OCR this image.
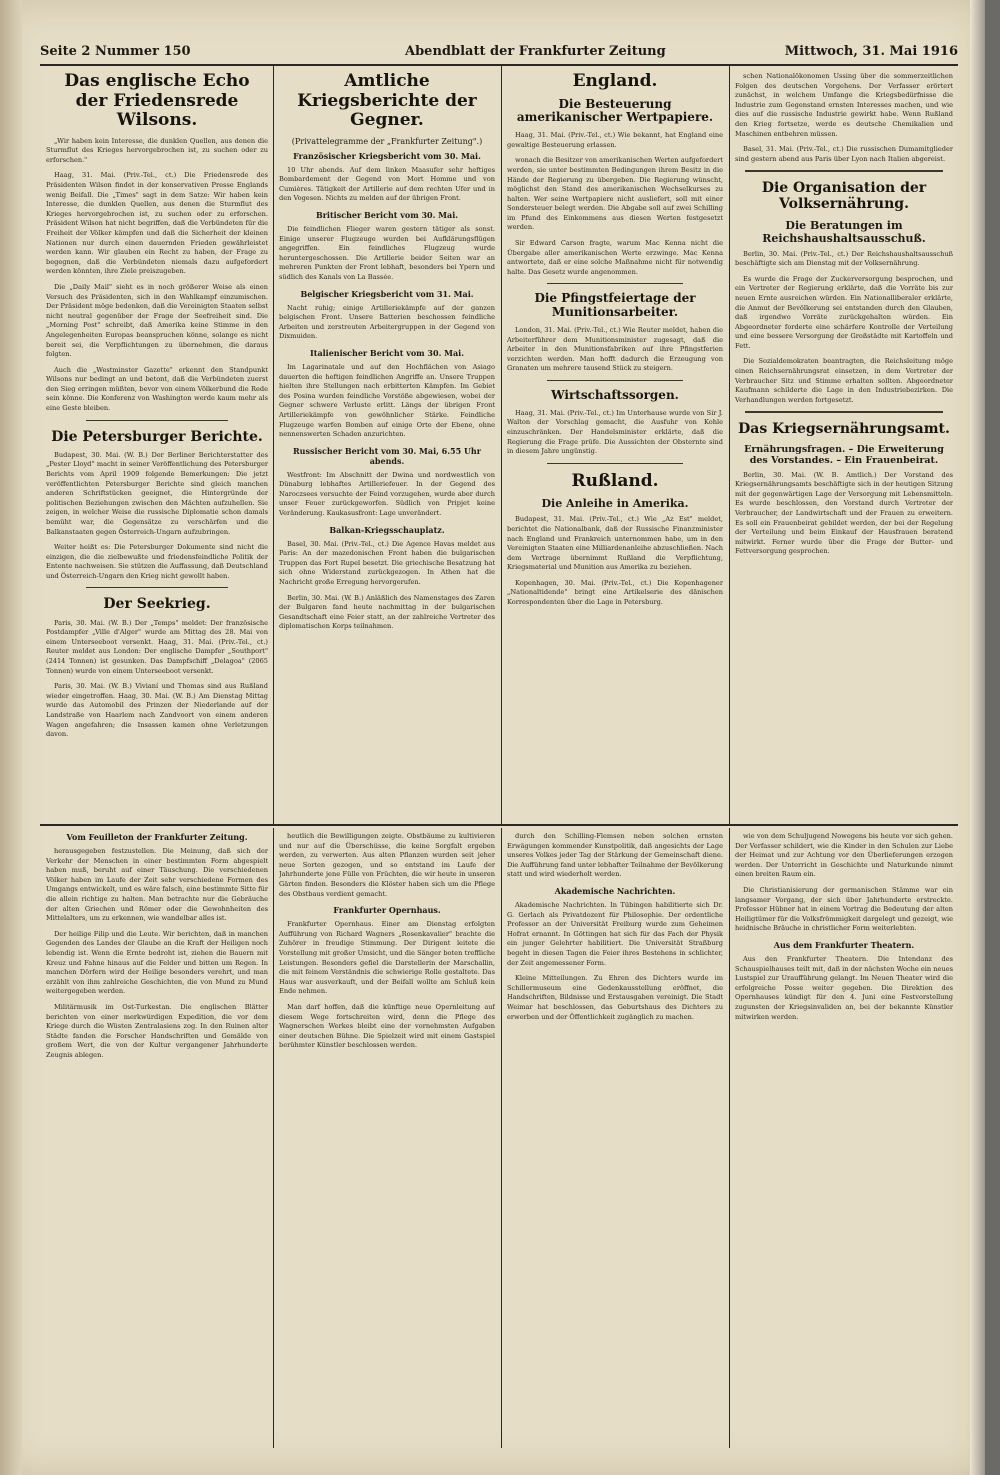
Seite 2 Nummer 150	Abendblatt der Frankfurter Zeitung	Mittwoch, 31. Mai 1916
Das englische Echo der Friedensrede Wilsons.

„Wir haben kein Interesse, die dunklen Quellen, aus denen die Sturmflut des Krieges hervorgebrochen ist, zu suchen oder zu erforschen."

Haag, 31. Mai. (Priv.-Tel., ct.) Die Friedensrede des Präsidenten Wilson findet in der konservativen Presse Englands wenig Beifall. Die „Times" sagt in dem Satze: Wir haben kein Interesse, die dunklen Quellen, aus denen die Sturmflut des Krieges hervorgebrochen ist, zu suchen oder zu erforschen. Präsident Wilson hat nicht begriffen, daß die Verbündeten für die Freiheit der Völker kämpfen und daß die Sicherheit der kleinen Nationen nur durch einen dauernden Frieden gewährleistet werden kann. Wir glauben ein Recht zu haben, der Frage zu begegnen, daß die Verbündeten niemals dazu aufgefordert werden könnten, ihre Ziele preiszugeben.

Die „Daily Mail" sieht es in noch größerer Weise als einen Versuch des Präsidenten, sich in den Wahlkampf einzumischen. Der Präsident möge bedenken, daß die Vereinigten Staaten selbst nicht neutral gegenüber der Frage der Seefreiheit sind. Die „Morning Post" schreibt, daß Amerika keine Stimme in den Angelegenheiten Europas beanspruchen könne, solange es nicht bereit sei, die Verpflichtungen zu übernehmen, die daraus folgten.

Auch die „Westminster Gazette" erkennt den Standpunkt Wilsons nur bedingt an und betont, daß die Verbündeten zuerst den Sieg erringen müßten, bevor von einem Völkerbund die Rede sein könne. Die Konferenz von Washington werde kaum mehr als eine Geste bleiben.

Die Petersburger Berichte.

Budapest, 30. Mai. (W. B.) Der Berliner Berichterstatter des „Pester Lloyd" macht in seiner Veröffentlichung des Petersburger Berichts vom April 1909 folgende Bemerkungen: Die jetzt veröffentlichten Petersburger Berichte sind gleich manchen anderen Schriftstücken geeignet, die Hintergründe der politischen Beziehungen zwischen den Mächten aufzuhellen. Sie zeigen, in welcher Weise die russische Diplomatie schon damals bemüht war, die Gegensätze zu verschärfen und die Balkanstaaten gegen Österreich-Ungarn aufzubringen.

Weiter heißt es: Die Petersburger Dokumente sind nicht die einzigen, die die zielbewußte und friedensfeindliche Politik der Entente nachweisen. Sie stützen die Auffassung, daß Deutschland und Österreich-Ungarn den Krieg nicht gewollt haben.

Der Seekrieg.

Paris, 30. Mai. (W. B.) Der „Temps" meldet: Der französische Postdampfer „Ville d'Alger" wurde am Mittag des 28. Mai von einem Unterseeboot versenkt. Haag, 31. Mai. (Priv.-Tel., ct.) Reuter meldet aus London: Der englische Dampfer „Southport" (2414 Tonnen) ist gesunken. Das Dampfschiff „Delagoa" (2065 Tonnen) wurde von einem Unterseeboot versenkt.

Paris, 30. Mai. (W. B.) Vivianí und Thomas sind aus Rußland wieder eingetroffen. Haag, 30. Mai. (W. B.) Am Dienstag Mittag wurde das Automobil des Prinzen der Niederlande auf der Landstraße von Haarlem nach Zandvoort von einem anderen Wagen angefahren; die Insassen kamen ohne Verletzungen davon.

Amtliche Kriegsberichte der Gegner.
(Privattelegramme der „Frankfurter Zeitung".)
Französischer Kriegsbericht vom 30. Mai.

10 Uhr abends. Auf dem linken Maasufer sehr heftiges Bombardement der Gegend von Mort Homme und von Cumières. Tätigkeit der Artillerie auf dem rechten Ufer und in den Vogesen. Nichts zu melden auf der übrigen Front.

Britischer Bericht vom 30. Mai.

Die feindlichen Flieger waren gestern tätiger als sonst. Einige unserer Flugzeuge wurden bei Aufklärungsflügen angegriffen. Ein feindliches Flugzeug wurde heruntergeschossen. Die Artillerie beider Seiten war an mehreren Punkten der Front lebhaft, besonders bei Ypern und südlich des Kanals von La Bassée.

Belgischer Kriegsbericht vom 31. Mai.

Nacht ruhig; einige Artilleriekämpfe auf der ganzen belgischen Front. Unsere Batterien beschossen feindliche Arbeiten und zerstreuten Arbeitergruppen in der Gegend von Dixmuiden.

Italienischer Bericht vom 30. Mai.

Im Lagarinatale und auf den Hochflächen von Asiago dauerten die heftigen feindlichen Angriffe an. Unsere Truppen hielten ihre Stellungen nach erbitterten Kämpfen. Im Gebiet des Posina wurden feindliche Vorstöße abgewiesen, wobei der Gegner schwere Verluste erlitt. Längs der übrigen Front Artilleriekämpfe von gewöhnlicher Stärke. Feindliche Flugzeuge warfen Bomben auf einige Orte der Ebene, ohne nennenswerten Schaden anzurichten.

Russischer Bericht vom 30. Mai, 6.55 Uhr abends.

Westfront: Im Abschnitt der Dwina und nordwestlich von Dünaburg lebhaftes Artilleriefeuer. In der Gegend des Naroczsees versuchte der Feind vorzugehen, wurde aber durch unser Feuer zurückgeworfen. Südlich von Pripjet keine Veränderung. Kaukasusfront: Lage unverändert.

Balkan-Kriegsschauplatz.

Basel, 30. Mai. (Priv.-Tel., ct.) Die Agence Havas meldet aus Paris: An der mazedonischen Front haben die bulgarischen Truppen das Fort Rupel besetzt. Die griechische Besatzung hat sich ohne Widerstand zurückgezogen. In Athen hat die Nachricht große Erregung hervorgerufen.

Berlin, 30. Mai. (W. B.) Anläßlich des Namenstages des Zaren der Bulgaren fand heute nachmittag in der bulgarischen Gesandtschaft eine Feier statt, an der zahlreiche Vertreter des diplomatischen Korps teilnahmen.

England.
Die Besteuerung amerikanischer Wertpapiere.

Haag, 31. Mai. (Priv.-Tel., ct.) Wie bekannt, hat England eine gewaltige Besteuerung erlassen.

wonach die Besitzer von amerikanischen Werten aufgefordert werden, sie unter bestimmten Bedingungen ihrem Besitz in die Hände der Regierung zu übergeben. Die Regierung wünscht, möglichst den Stand des amerikanischen Wechselkurses zu halten. Wer seine Wertpapiere nicht ausliefert, soll mit einer Sondersteuer belegt werden. Die Abgabe soll auf zwei Schilling im Pfund des Einkommens aus diesen Werten festgesetzt werden.

Sir Edward Carson fragte, warum Mac Kenna nicht die Übergabe aller amerikanischen Werte erzwinge. Mac Kenna antwortete, daß er eine solche Maßnahme nicht für notwendig halte. Das Gesetz wurde angenommen.

Die Pfingstfeiertage der Munitionsarbeiter.

London, 31. Mai. (Priv.-Tel., ct.) Wie Reuter meldet, haben die Arbeiterführer dem Munitionsminister zugesagt, daß die Arbeiter in den Munitionsfabriken auf ihre Pfingstferien verzichten werden. Man hofft dadurch die Erzeugung von Granaten um mehrere tausend Stück zu steigern.

Wirtschaftssorgen.

Haag, 31. Mai. (Priv.-Tel., ct.) Im Unterhause wurde von Sir J. Walton der Vorschlag gemacht, die Ausfuhr von Kohle einzuschränken. Der Handelsminister erklärte, daß die Regierung die Frage prüfe. Die Aussichten der Obsternte sind in diesem Jahre ungünstig.

Rußland.
Die Anleihe in Amerika.

Budapest, 31. Mai. (Priv.-Tel., ct.) Wie „Az Est" meldet, berichtet die Nationalbank, daß der Russische Finanzminister nach England und Frankreich unternommen habe, um in den Vereinigten Staaten eine Milliardenanleihe abzuschließen. Nach dem Vertrage übernimmt Rußland die Verpflichtung, Kriegsmaterial und Munition aus Amerika zu beziehen.

Kopenhagen, 30. Mai. (Priv.-Tel., ct.) Die Kopenhagener „Nationaltidende" bringt eine Artikelserie des dänischen Korrespondenten über die Lage in Petersburg.

schen Nationalökonomen Ussing über die sommerzeitlichen Folgen des deutschen Vorgehens. Der Verfasser erörtert zunächst, in welchem Umfange die Kriegsbedürfnisse die Industrie zum Gegenstand ernsten Interesses machen, und wie dies auf die russische Industrie gewirkt habe. Wenn Rußland den Krieg fortsetze, werde es deutsche Chemikalien und Maschinen entbehren müssen.

Basel, 31. Mai. (Priv.-Tel., ct.) Die russischen Dumamitglieder sind gestern abend aus Paris über Lyon nach Italien abgereist.

Die Organisation der Volksernährung.
Die Beratungen im Reichshaushaltsausschuß.

Berlin, 30. Mai. (Priv.-Tel., ct.) Der Reichshaushaltsausschuß beschäftigte sich am Dienstag mit der Volksernährung.

Es wurde die Frage der Zuckerversorgung besprochen, und ein Vertreter der Regierung erklärte, daß die Vorräte bis zur neuen Ernte ausreichen würden. Ein Nationalliberaler erklärte, die Anmut der Bevölkerung sei entstanden durch den Glauben, daß irgendwo Vorräte zurückgehalten würden. Ein Abgeordneter forderte eine schärfere Kontrolle der Verteilung und eine bessere Versorgung der Großstädte mit Kartoffeln und Fett.

Die Sozialdemokraten beantragten, die Reichsleitung möge einen Reichsernährungsrat einsetzen, in dem Vertreter der Verbraucher Sitz und Stimme erhalten sollten. Abgeordneter Kaufmann schilderte die Lage in den Industriebezirken. Die Verhandlungen werden fortgesetzt.

Das Kriegsernährungsamt.
Ernährungsfragen. – Die Erweiterung des Vorstandes. – Ein Frauenbeirat.

Berlin, 30. Mai. (W. B. Amtlich.) Der Vorstand des Kriegsernährungsamts beschäftigte sich in der heutigen Sitzung mit der gegenwärtigen Lage der Versorgung mit Lebensmitteln. Es wurde beschlossen, den Vorstand durch Vertreter der Verbraucher, der Landwirtschaft und der Frauen zu erweitern. Es soll ein Frauenbeirat gebildet werden, der bei der Regelung der Verteilung und beim Einkauf der Hausfrauen beratend mitwirkt. Ferner wurde über die Frage der Butter- und Fettversorgung gesprochen.

Vom Feuilleton der Frankfurter Zeitung.

herausgegeben festzustellen. Die Meinung, daß sich der Verkehr der Menschen in einer bestimmten Form abgespielt haben muß, beruht auf einer Täuschung. Die verschiedenen Völker haben im Laufe der Zeit sehr verschiedene Formen des Umgangs entwickelt, und es wäre falsch, eine bestimmte Sitte für die allein richtige zu halten. Man betrachte nur die Gebräuche der alten Griechen und Römer oder die Gewohnheiten des Mittelalters, um zu erkennen, wie wandelbar alles ist.

Der heilige Filip und die Leute. Wir berichten, daß in manchen Gegenden des Landes der Glaube an die Kraft der Heiligen noch lebendig ist. Wenn die Ernte bedroht ist, ziehen die Bauern mit Kreuz und Fahne hinaus auf die Felder und bitten um Regen. In manchen Dörfern wird der Heilige besonders verehrt, und man erzählt von ihm zahlreiche Geschichten, die von Mund zu Mund weitergegeben werden.

Militärmusik im Ost-Turkestan. Die englischen Blätter berichten von einer merkwürdigen Expedition, die vor dem Kriege durch die Wüsten Zentralasiens zog. In den Ruinen alter Städte fanden die Forscher Handschriften und Gemälde von großem Wert, die von der Kultur vergangener Jahrhunderte Zeugnis ablegen.

heutlich die Bewilligungen zeigte. Obstbäume zu kultivieren und nur auf die Überschüsse, die keine Sorgfalt ergeben werden, zu verwerten. Aus alten Pflanzen wurden seit jeher neue Sorten gezogen, und so entstand im Laufe der Jahrhunderte jene Fülle von Früchten, die wir heute in unseren Gärten finden. Besonders die Klöster haben sich um die Pflege des Obstbaus verdient gemacht.

Frankfurter Opernhaus.

Frankfurter Opernhaus. Einer am Dienstag erfolgten Aufführung von Richard Wagners „Rosenkavalier" brachte die Zuhörer in freudige Stimmung. Der Dirigent leitete die Vorstellung mit großer Umsicht, und die Sänger boten treffliche Leistungen. Besonders gefiel die Darstellerin der Marschallin, die mit feinem Verständnis die schwierige Rolle gestaltete. Das Haus war ausverkauft, und der Beifall wollte am Schluß kein Ende nehmen.

Man darf hoffen, daß die künftige neue Opernleitung auf diesem Wege fortschreiten wird, denn die Pflege des Wagnerschen Werkes bleibt eine der vornehmsten Aufgaben einer deutschen Bühne. Die Spielzeit wird mit einem Gastspiel berühmter Künstler beschlossen werden.

durch den Schilling-Flemsen neben solchen ernsten Erwägungen kommender Kunstpolitik, daß angesichts der Lage unseres Volkes jeder Tag der Stärkung der Gemeinschaft diene. Die Aufführung fand unter lebhafter Teilnahme der Bevölkerung statt und wird wiederholt werden.

Akademische Nachrichten.

Akademische Nachrichten. In Tübingen habilitierte sich Dr. G. Gerlach als Privatdozent für Philosophie. Der ordentliche Professor an der Universität Freiburg wurde zum Geheimen Hofrat ernannt. In Göttingen hat sich für das Fach der Physik ein junger Gelehrter habilitiert. Die Universität Straßburg begeht in diesen Tagen die Feier ihres Bestehens in schlichter, der Zeit angemessener Form.

Kleine Mitteilungen. Zu Ehren des Dichters wurde im Schillermuseum eine Gedenkausstellung eröffnet, die Handschriften, Bildnisse und Erstausgaben vereinigt. Die Stadt Weimar hat beschlossen, das Geburtshaus des Dichters zu erwerben und der Öffentlichkeit zugänglich zu machen.

wie von dem Schuljugend Nowegens bis heute vor sich gehen. Der Verfasser schildert, wie die Kinder in den Schulen zur Liebe der Heimat und zur Achtung vor den Überlieferungen erzogen werden. Der Unterricht in Geschichte und Naturkunde nimmt einen breiten Raum ein.

Die Christianisierung der germanischen Stämme war ein langsamer Vorgang, der sich über Jahrhunderte erstreckte. Professor Hübner hat in einem Vortrag die Bedeutung der alten Heiligtümer für die Volksfrömmigkeit dargelegt und gezeigt, wie heidnische Bräuche in christlicher Form weiterlebten.

Aus dem Frankfurter Theatern.

Aus den Frankfurter Theatern. Die Intendanz des Schauspielhauses teilt mit, daß in der nächsten Woche ein neues Lustspiel zur Uraufführung gelangt. Im Neuen Theater wird die erfolgreiche Posse weiter gegeben. Die Direktion des Opernhauses kündigt für den 4. Juni eine Festvorstellung zugunsten der Kriegsinvaliden an, bei der bekannte Künstler mitwirken werden.
